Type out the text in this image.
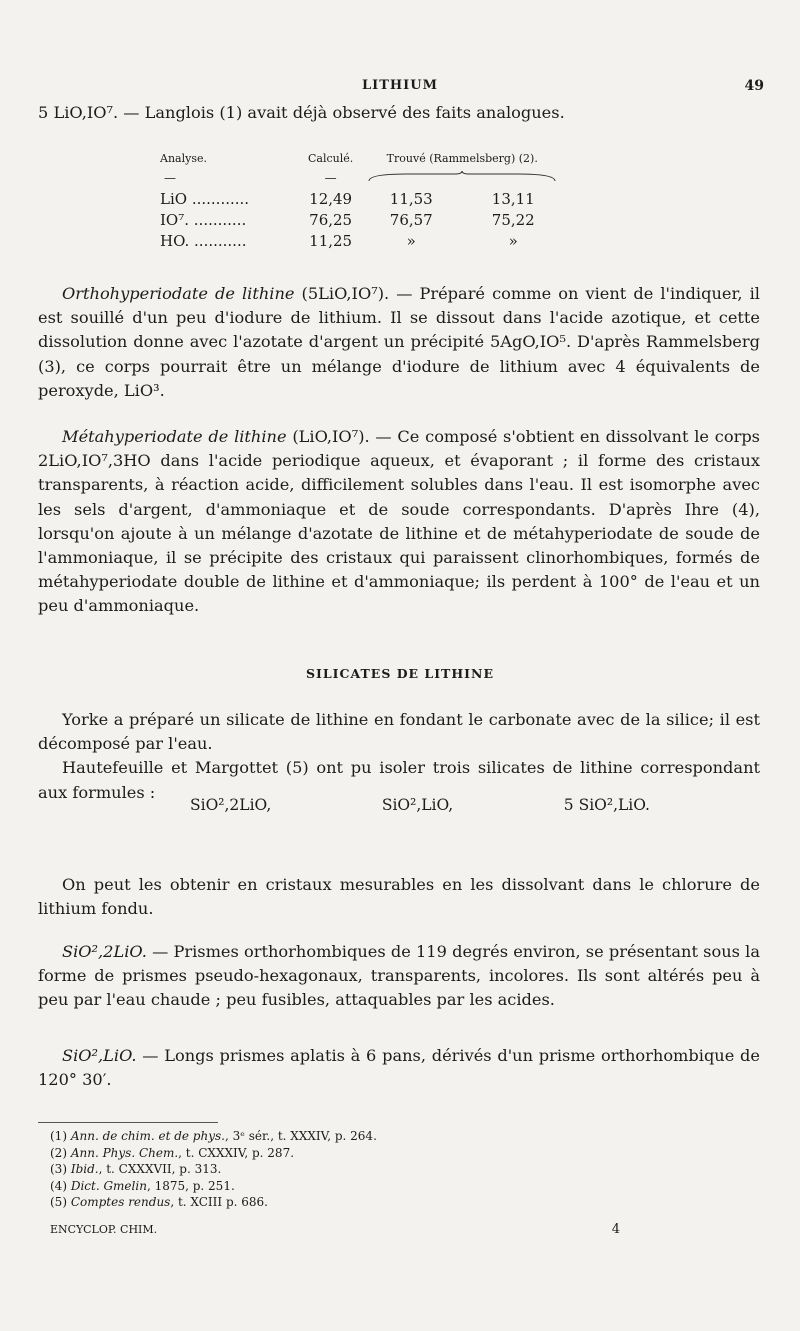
LITHIUM	49

5 LiO,IO⁷. — Langlois (1) avait déjà observé des faits analogues.

Analyse.	Calculé.	Trouvé (Rammelsberg) (2).	
—	—	
LiO ............	12,49	11,53	13,11
IO⁷. ...........	76,25	76,57	75,22
HO. ...........	11,25	»	»

Orthohyperiodate de lithine (5LiO,IO⁷). — Préparé comme on vient de l'indiquer, il est souillé d'un peu d'iodure de lithium. Il se dissout dans l'acide azotique, et cette dissolution donne avec l'azotate d'argent un précipité 5AgO,IO⁵. D'après Rammelsberg (3), ce corps pourrait être un mélange d'iodure de lithium avec 4 équivalents de peroxyde, LiO³.

Métahyperiodate de lithine (LiO,IO⁷). — Ce composé s'obtient en dissolvant le corps 2LiO,IO⁷,3HO dans l'acide periodique aqueux, et évaporant ; il forme des cristaux transparents, à réaction acide, difficilement solubles dans l'eau. Il est isomorphe avec les sels d'argent, d'ammoniaque et de soude correspondants. D'après Ihre (4), lorsqu'on ajoute à un mélange d'azotate de lithine et de métahyperiodate de soude de l'ammoniaque, il se précipite des cristaux qui paraissent clinorhombiques, formés de métahyperiodate double de lithine et d'ammoniaque; ils perdent à 100° de l'eau et un peu d'ammoniaque.

SILICATES DE LITHINE

Yorke a préparé un silicate de lithine en fondant le carbonate avec de la silice; il est décomposé par l'eau.

Hautefeuille et Margottet (5) ont pu isoler trois silicates de lithine correspondant aux formules :

SiO²,2LiO,	SiO²,LiO,	5 SiO²,LiO.

On peut les obtenir en cristaux mesurables en les dissolvant dans le chlorure de lithium fondu.

SiO²,2LiO. — Prismes orthorhombiques de 119 degrés environ, se présentant sous la forme de prismes pseudo-hexagonaux, transparents, incolores. Ils sont altérés peu à peu par l'eau chaude ; peu fusibles, attaquables par les acides.

SiO²,LiO. — Longs prismes aplatis à 6 pans, dérivés d'un prisme orthorhombique de 120° 30′.

(1) Ann. de chim. et de phys., 3ᵉ sér., t. XXXIV, p. 264.

(2) Ann. Phys. Chem., t. CXXXIV, p. 287.

(3) Ibid., t. CXXXVII, p. 313.

(4) Dict. Gmelin, 1875, p. 251.

(5) Comptes rendus, t. XCIII p. 686.

ENCYCLOP. CHIM.	4
